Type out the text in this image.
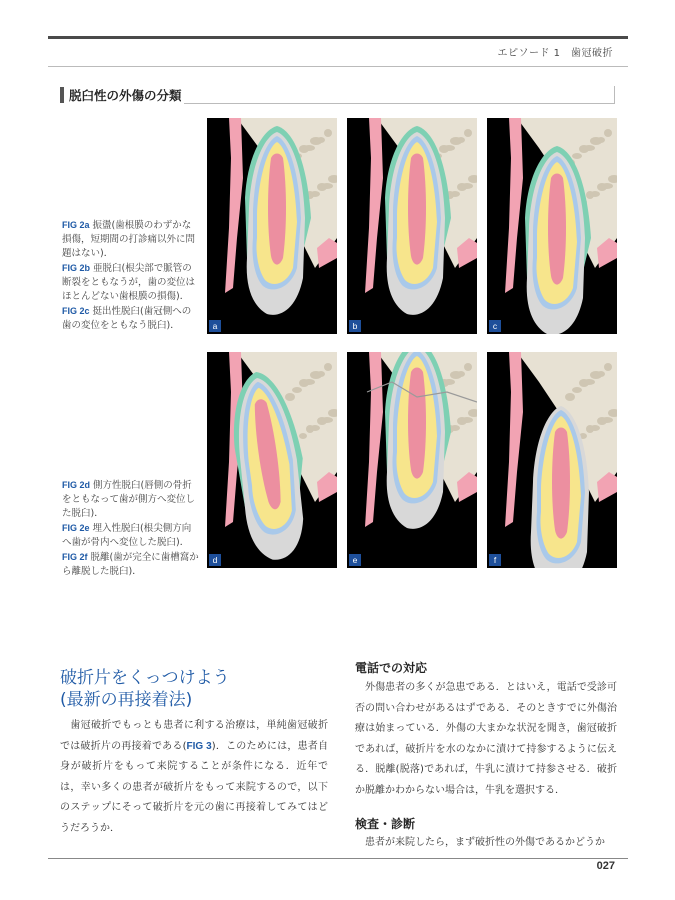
エピソード 1　歯冠破折
脱臼性の外傷の分類

FIG 2a 振盪(歯根膜のわずかな損傷，短期間の打診痛以外に問題はない)．

FIG 2b 亜脱臼(根尖部で脈管の断裂をともなうが，歯の変位はほとんどない歯根膜の損傷)．

FIG 2c 挺出性脱臼(歯冠側への歯の変位をともなう脱臼)．

FIG 2d 側方性脱臼(唇側の骨折をともなって歯が側方へ変位した脱臼)．

FIG 2e 埋入性脱臼(根尖側方向へ歯が骨内へ変位した脱臼)．

FIG 2f 脱離(歯が完全に歯槽窩から離脱した脱臼)．

a	b	c
d	e	f
破折片をくっつけよう
(最新の再接着法)
歯冠破折でもっとも患者に利する治療は，単純歯冠破折では破折片の再接着である(FIG 3)．このためには，患者自身が破折片をもって来院することが条件になる．近年では，幸い多くの患者が破折片をもって来院するので，以下のステップにそって破折片を元の歯に再接着してみてはどうだろうか．
電話での対応
外傷患者の多くが急患である．とはいえ，電話で受診可否の問い合わせがあるはずである．そのときすでに外傷治療は始まっている．外傷の大まかな状況を聞き，歯冠破折であれば，破折片を水のなかに漬けて持参するように伝える．脱離(脱落)であれば，牛乳に漬けて持参させる．破折か脱離かわからない場合は，牛乳を選択する．
検査・診断
患者が来院したら，まず破折性の外傷であるかどうか
027
